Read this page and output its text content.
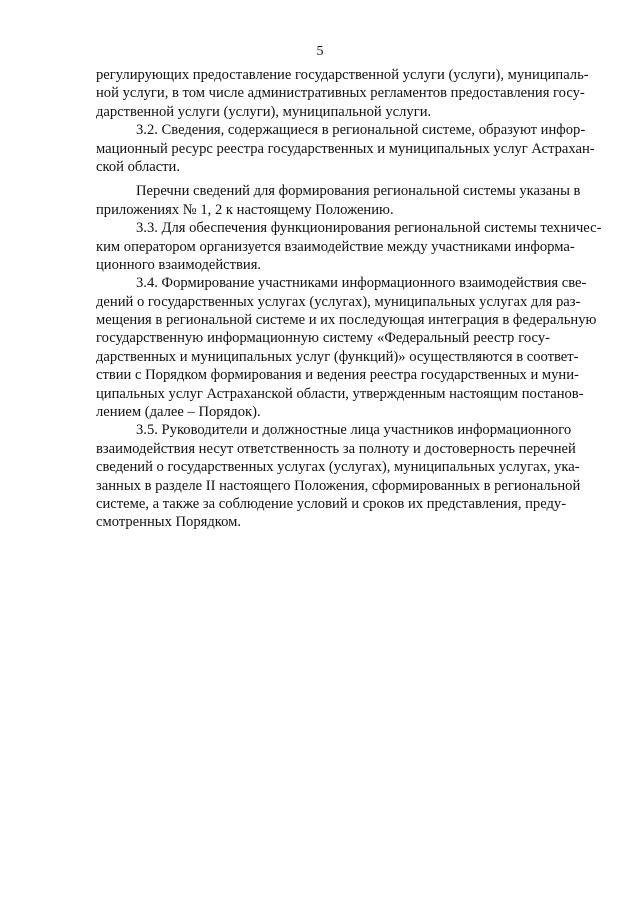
5
регулирующих предоставление государственной услуги (услуги), муниципаль-
ной услуги, в том числе административных регламентов предоставления госу-
дарственной услуги (услуги), муниципальной услуги.
3.2. Сведения, содержащиеся в региональной системе, образуют инфор-
мационный ресурс реестра государственных и муниципальных услуг Астрахан-
ской области.
Перечни сведений для формирования региональной системы указаны в
приложениях № 1, 2 к настоящему Положению.
3.3. Для обеспечения функционирования региональной системы техничес-
ким оператором организуется взаимодействие между участниками информа-
ционного взаимодействия.
3.4. Формирование участниками информационного взаимодействия све-
дений о государственных услугах (услугах), муниципальных услугах для раз-
мещения в региональной системе и их последующая интеграция в федеральную
государственную информационную систему «Федеральный реестр госу-
дарственных и муниципальных услуг (функций)» осуществляются в соответ-
ствии с Порядком формирования и ведения реестра государственных и муни-
ципальных услуг Астраханской области, утвержденным настоящим постанов-
лением (далее – Порядок).
3.5. Руководители и должностные лица участников информационного
взаимодействия несут ответственность за полноту и достоверность перечней
сведений о государственных услугах (услугах), муниципальных услугах, ука-
занных в разделе II настоящего Положения, сформированных в региональной
системе, а также за соблюдение условий и сроков их представления, преду-
смотренных Порядком.
